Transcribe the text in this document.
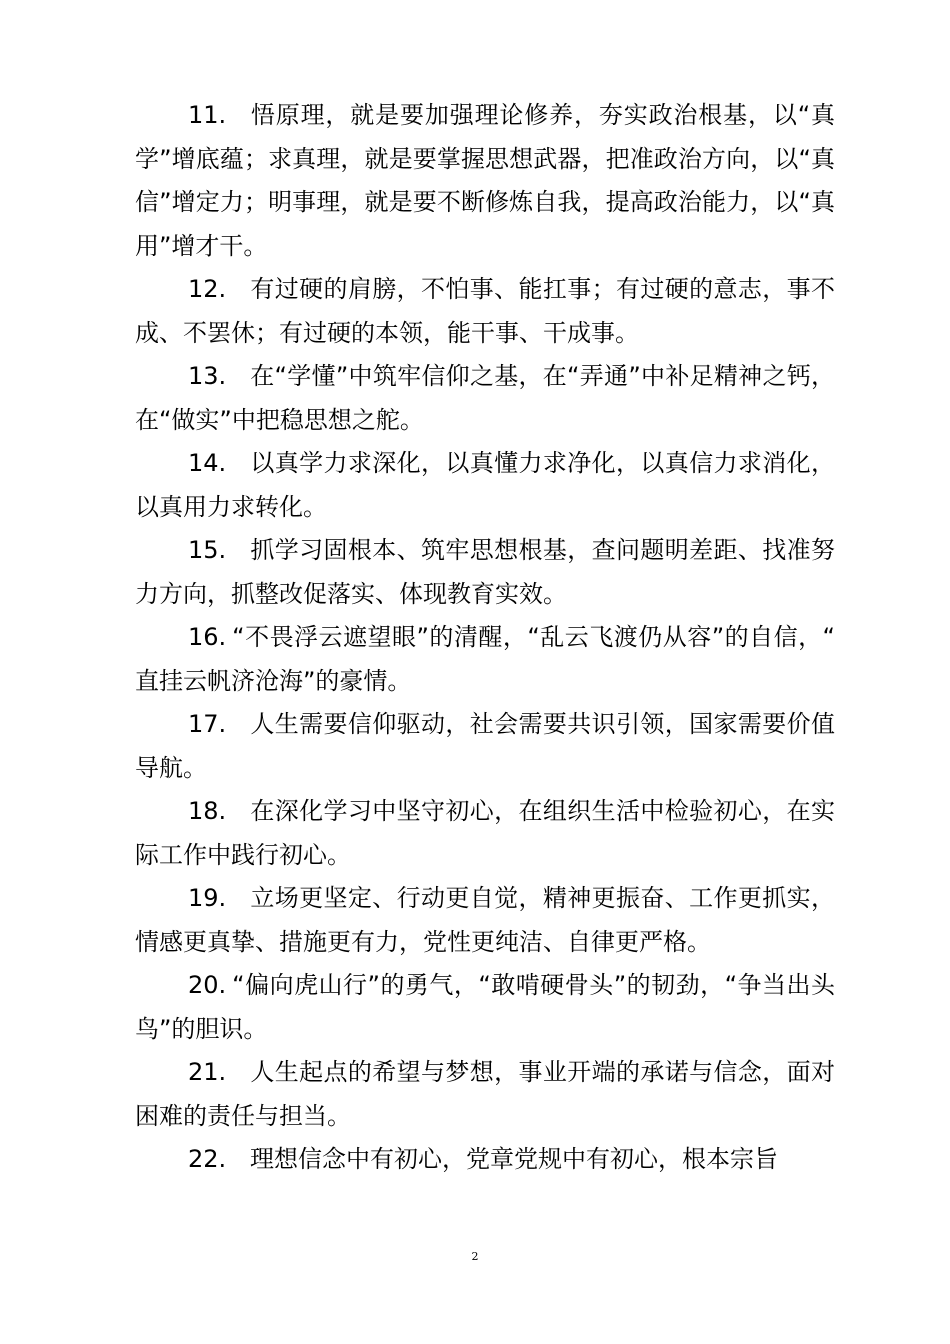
11. 悟原理，就是要加强理论修养，夯实政治根基，以“真学”增底蕴；求真理，就是要掌握思想武器，把准政治方向，以“真信”增定力；明事理，就是要不断修炼自我，提高政治能力，以“真用”增才干。

12. 有过硬的肩膀，不怕事、能扛事；有过硬的意志，事不成、不罢休；有过硬的本领，能干事、干成事。

13. 在“学懂”中筑牢信仰之基，在“弄通”中补足精神之钙，在“做实”中把稳思想之舵。

14. 以真学力求深化，以真懂力求净化，以真信力求消化，以真用力求转化。

15. 抓学习固根本、筑牢思想根基，查问题明差距、找准努力方向，抓整改促落实、体现教育实效。

16. “不畏浮云遮望眼”的清醒，“乱云飞渡仍从容”的自信，“直挂云帆济沧海”的豪情。

17. 人生需要信仰驱动，社会需要共识引领，国家需要价值导航。

18. 在深化学习中坚守初心，在组织生活中检验初心，在实际工作中践行初心。

19. 立场更坚定、行动更自觉，精神更振奋、工作更抓实，情感更真挚、措施更有力，党性更纯洁、自律更严格。

20. “偏向虎山行”的勇气，“敢啃硬骨头”的韧劲，“争当出头鸟”的胆识。

21. 人生起点的希望与梦想，事业开端的承诺与信念，面对困难的责任与担当。

22. 理想信念中有初心，党章党规中有初心，根本宗旨

2
